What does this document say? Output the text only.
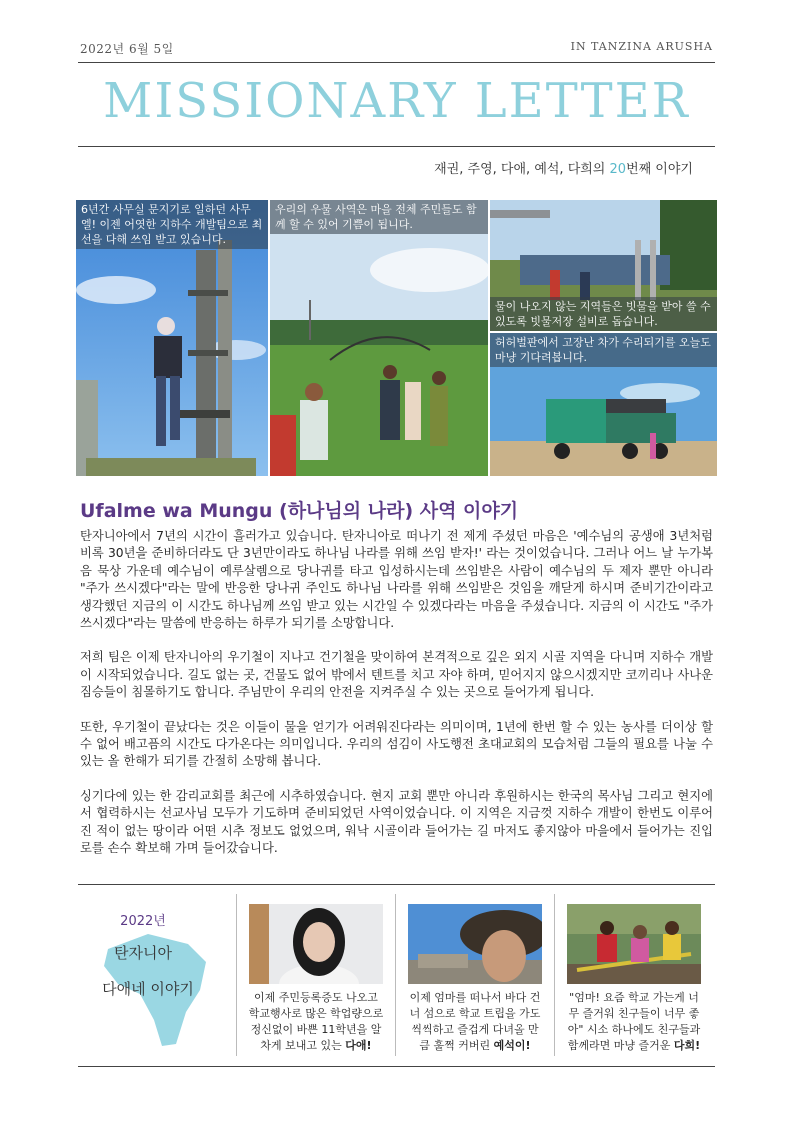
2022년 6월 5일	IN TANZINA ARUSHA
MISSIONARY LETTER
재권, 주영, 다애, 예석, 다희의 20번째 이야기
6년간 사무실 문지기로 일하던 사무엘! 이젠 어엿한 지하수 개발팀으로 최선을 다해 쓰임 받고 있습니다.
우리의 우물 사역은 마을 전체 주민들도 함께 할 수 있어 기쁨이 됩니다.
물이 나오지 않는 지역들은 빗물을 받아 쓸 수 있도록 빗물저장 설비로 돕습니다.
허허벌판에서 고장난 차가 수리되기를 오늘도 마냥 기다려봅니다.
Ufalme wa Mungu (하나님의 나라) 사역 이야기

탄자니아에서 7년의 시간이 흘러가고 있습니다. 탄자니아로 떠나기 전 제게 주셨던 마음은 '예수님의 공생애 3년처럼 비록 30년을 준비하더라도 단 3년만이라도 하나님 나라를 위해 쓰임 받자!' 라는 것이었습니다. 그러나 어느 날 누가복음 묵상 가운데 예수님이 예루살렘으로 당나귀를 타고 입성하시는데 쓰임받은 사람이 예수님의 두 제자 뿐만 아니라 "주가 쓰시겠다"라는 말에 반응한 당나귀 주인도 하나님 나라를 위해 쓰임받은 것임을 깨닫게 하시며 준비기간이라고 생각했던 지금의 이 시간도 하나님께 쓰임 받고 있는 시간일 수 있겠다라는 마음을 주셨습니다. 지금의 이 시간도 "주가 쓰시겠다"라는 말씀에 반응하는 하루가 되기를 소망합니다.

저희 팀은 이제 탄자니아의 우기철이 지나고 건기철을 맞이하여 본격적으로 깊은 외지 시골 지역을 다니며 지하수 개발이 시작되었습니다. 길도 없는 곳, 건물도 없어 밖에서 텐트를 치고 자야 하며, 믿어지지 않으시겠지만 코끼리나 사나운 짐승들이 침몰하기도 합니다. 주님만이 우리의 안전을 지켜주실 수 있는 곳으로 들어가게 됩니다.

또한, 우기철이 끝났다는 것은 이들이 물을 얻기가 어려워진다라는 의미이며, 1년에 한번 할 수 있는 농사를 더이상 할 수 없어 배고픔의 시간도 다가온다는 의미입니다. 우리의 섬김이 사도행전 초대교회의 모습처럼 그들의 필요를 나눌 수 있는 올 한해가 되기를 간절히 소망해 봅니다.

싱기다에 있는 한 감리교회를 최근에 시추하였습니다. 현지 교회 뿐만 아니라 후원하시는 한국의 목사님 그리고 현지에서 협력하시는 선교사님 모두가 기도하며 준비되었던 사역이었습니다. 이 지역은 지금껏 지하수 개발이 한번도 이루어진 적이 없는 땅이라 어떤 시추 정보도 없었으며, 워낙 시골이라 들어가는 길 마저도 좋지않아 마을에서 들어가는 진입로를 손수 확보해 가며 들어갔습니다.

2022년
탄자니아
다애네 이야기	이제 주민등록증도 나오고 학교행사로 많은 학업량으로 정신없이 바쁜 11학년을 알차게 보내고 있는 다애!
이제 엄마를 떠나서 바다 건너 섬으로 학교 트립을 가도 씩씩하고 즐겁게 다녀올 만큼 훌쩍 커버린 예석이!
"엄마! 요즘 학교 가는게 너무 즐거워 친구들이 너무 좋아" 시소 하나에도 친구들과 함께라면 마냥 즐거운 다희!
